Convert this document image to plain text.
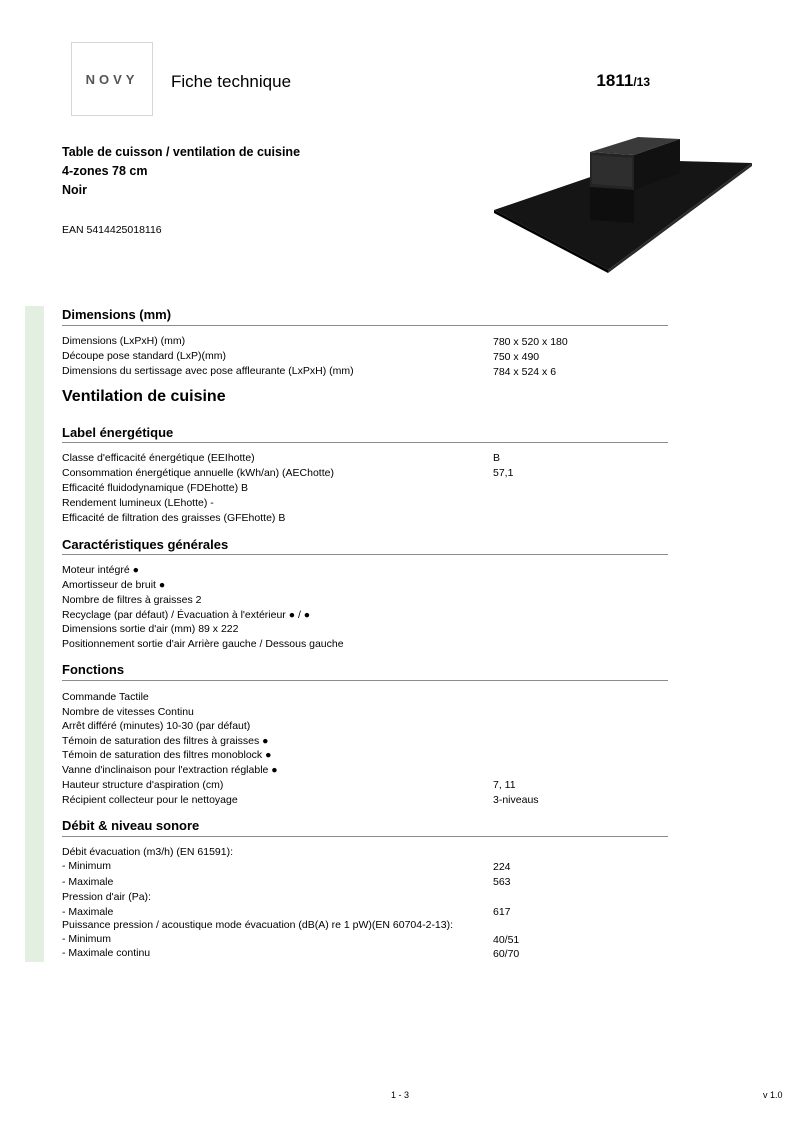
NOVY Fiche technique	1811/13
Table de cuisson / ventilation de cuisine
4-zones 78 cm
Noir
EAN 5414425018116
Dimensions (mm)
Dimensions (LxPxH) (mm)	780 x 520 x 180
Découpe pose standard (LxP)(mm)	750 x 490
Dimensions du sertissage avec pose affleurante (LxPxH) (mm)	784 x 524 x 6
Ventilation de cuisine
Label énergétique
Classe d'efficacité énergétique (EEIhotte)	B
Consommation énergétique annuelle (kWh/an) (AEChotte)	57,1
Efficacité fluidodynamique (FDEhotte) B
Rendement lumineux (LEhotte) -
Efficacité de filtration des graisses (GFEhotte) B
Caractéristiques générales
Moteur intégré ●
Amortisseur de bruit ●
Nombre de filtres à graisses 2
Recyclage (par défaut) / Évacuation à l'extérieur ● / ●
Dimensions sortie d'air (mm) 89 x 222
Positionnement sortie d'air Arrière gauche / Dessous gauche
Fonctions
Commande Tactile
Nombre de vitesses Continu
Arrêt différé (minutes) 10-30 (par défaut)
Témoin de saturation des filtres à graisses ●
Témoin de saturation des filtres monoblock ●
Vanne d'inclinaison pour l'extraction réglable ●
Hauteur structure d'aspiration (cm)	7, 11
Récipient collecteur pour le nettoyage	3-niveaus
Débit & niveau sonore
Débit évacuation (m3/h) (EN 61591):
- Minimum	224
- Maximale	563
Pression d'air (Pa):
- Maximale	617
Puissance pression / acoustique mode évacuation (dB(A) re 1 pW)(EN 60704-2-13):
- Minimum	40/51
- Maximale continu	60/70
1 - 3	v 1.0
